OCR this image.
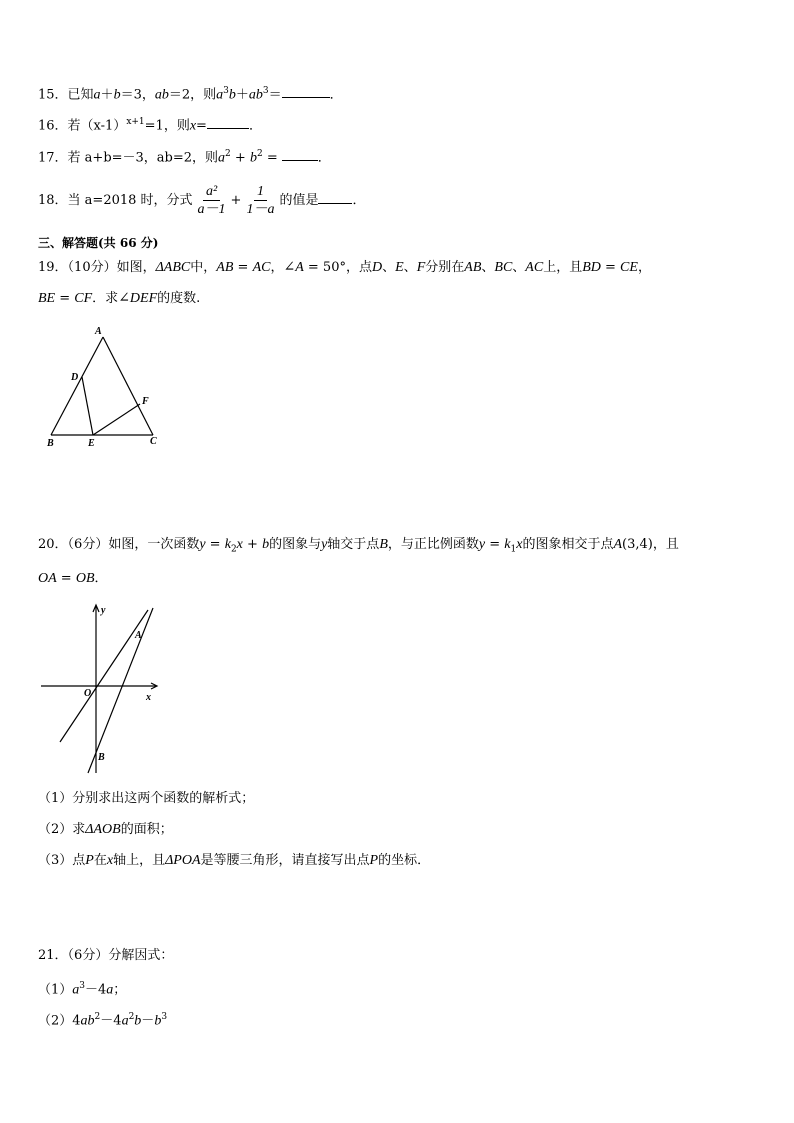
15．已知a＋b＝3，ab＝2，则$a^3b+ab^3=$	．
16．若$(x-1)^{x+1}=1$，则x=	．
17．若 a+b=－3，ab=2，则$a^2 + b^2$ =	．
18．当 a=2018 时，分式 $\frac{\text{a²}}{a-1} + \frac{1}{1-a}$ 的值是	．
三、解答题(共 66 分)
19．（10分）如图，ΔABC中，AB = AC，∠A = 50°，点D、E、F分别在AB、BC、AC上，且BD = CE，
BE = CF．求∠DEF的度数.
A
B	C
D
E
F
20．（6分）如图，一次函数$y = k_2x + b$的图象与y轴交于点B，与正比例函数$y = k_1x$的图象相交于点A(3,4)，且
OA = OB．
y
x
O
A
B
（1）分别求出这两个函数的解析式；
（2）求ΔAOB的面积；
（3）点P在x轴上，且ΔPOA是等腰三角形，请直接写出点P的坐标．
21．（6分）分解因式：
$(1)a^3-4a$；
$(2)4ab^2-4a^2b-b^3$
